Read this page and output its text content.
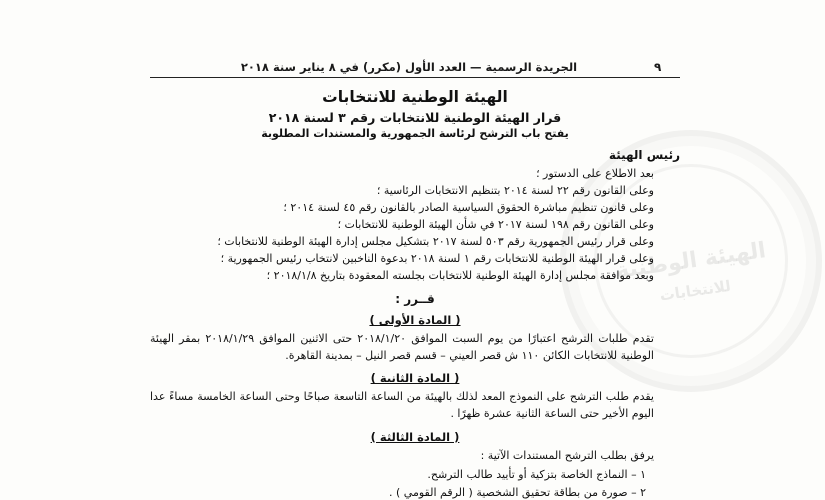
الهيئة الوطنية
للانتخابات
٩
الجريدة الرسمية — العدد الأول (مكرر) في ٨ يناير سنة ٢٠١٨
الهيئة الوطنية للانتخابات
قرار الهيئة الوطنية للانتخابات رقم ٣ لسنة ٢٠١٨
يفتح باب الترشح لرئاسة الجمهورية والمستندات المطلوبة
رئيس الهيئة
بعد الاطلاع على الدستور ؛
وعلى القانون رقم ٢٢ لسنة ٢٠١٤ بتنظيم الانتخابات الرئاسية ؛
وعلى قانون تنظيم مباشرة الحقوق السياسية الصادر بالقانون رقم ٤٥ لسنة ٢٠١٤ ؛
وعلى القانون رقم ١٩٨ لسنة ٢٠١٧ في شأن الهيئة الوطنية للانتخابات ؛
وعلى قرار رئيس الجمهورية رقم ٥٠٣ لسنة ٢٠١٧ بتشكيل مجلس إدارة الهيئة الوطنية للانتخابات ؛
وعلى قرار الهيئة الوطنية للانتخابات رقم ١ لسنة ٢٠١٨ بدعوة الناخبين لانتخاب رئيس الجمهورية ؛
وبعد موافقة مجلس إدارة الهيئة الوطنية للانتخابات بجلسته المعقودة بتاريخ ٢٠١٨/١/٨ ؛
قــرر :
( المادة الأولى )
تقدم طلبات الترشح اعتبارًا من يوم السبت الموافق ٢٠١٨/١/٢٠ حتى الاثنين الموافق ٢٠١٨/١/٢٩ بمقر الهيئة الوطنية للانتخابات الكائن ١١٠ ش قصر العيني – قسم قصر النيل – بمدينة القاهرة.
( المادة الثانية )
يقدم طلب الترشح على النموذج المعد لذلك بالهيئة من الساعة التاسعة صباحًا وحتى الساعة الخامسة مساءً عدا اليوم الأخير حتى الساعة الثانية عشرة ظهرًا .
( المادة الثالثة )
يرفق بطلب الترشح المستندات الآتية :
١ – النماذج الخاصة بتزكية أو تأييد طالب الترشح.
٢ – صورة من بطاقة تحقيق الشخصية ( الرقم القومي ) .
